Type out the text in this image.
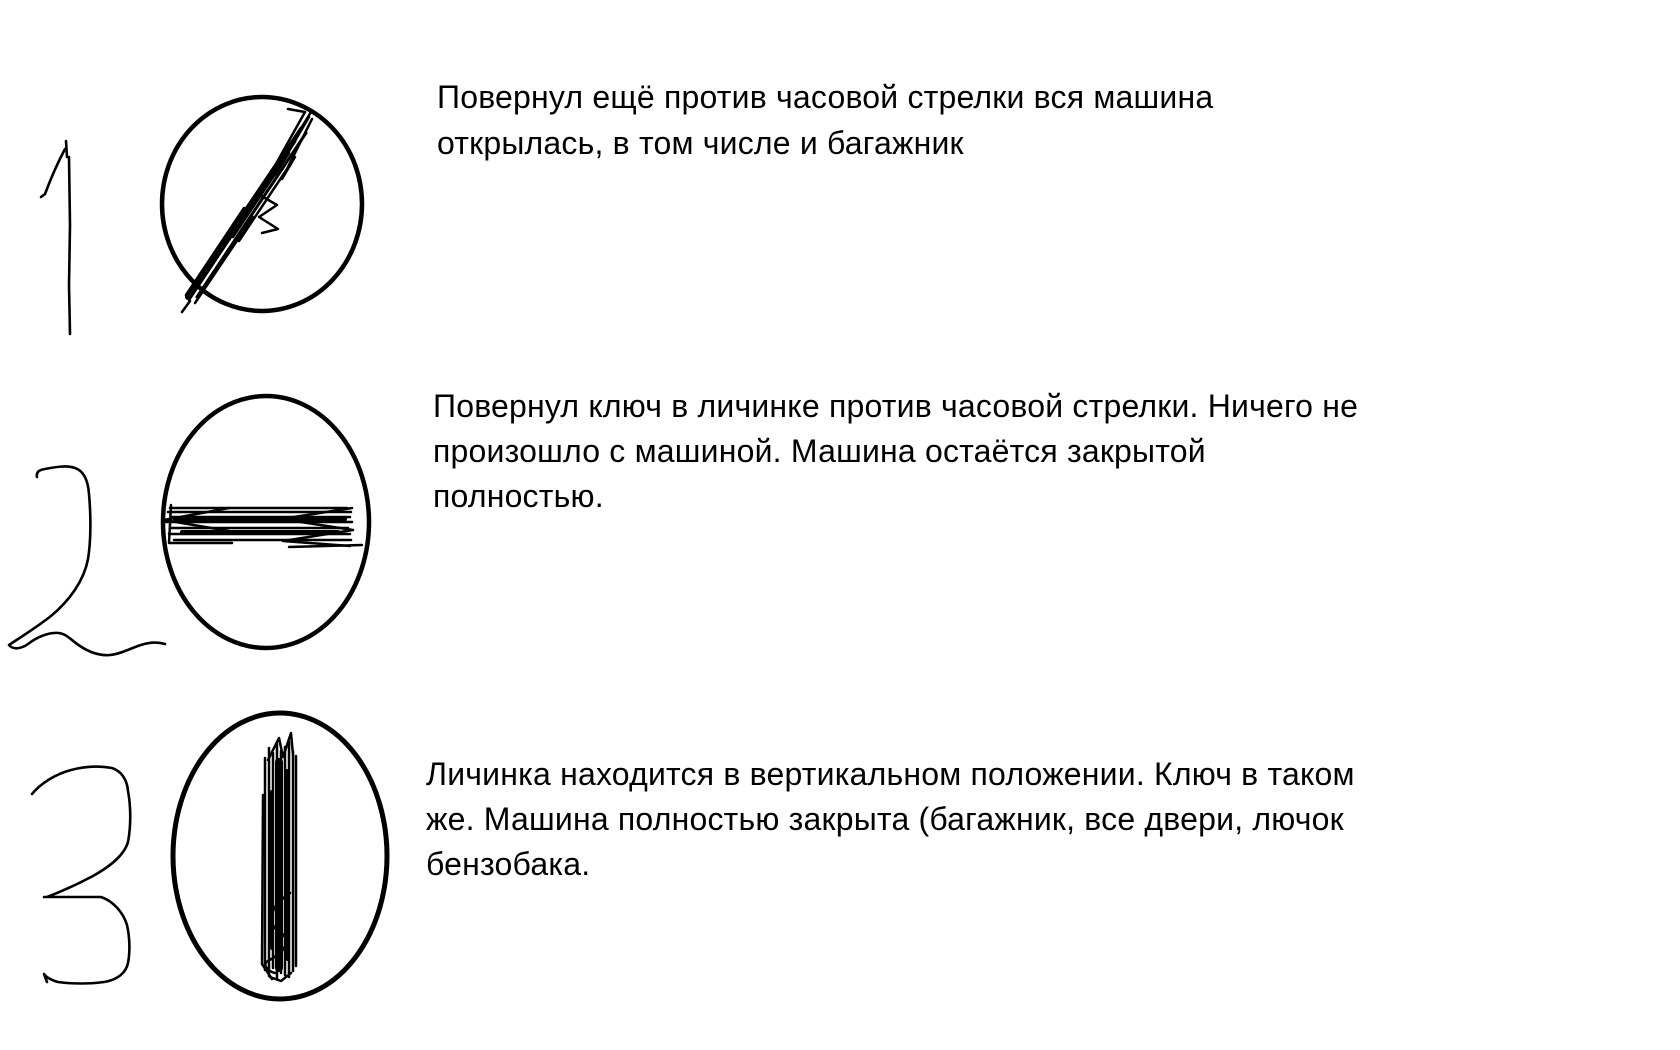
Повернул ещё против часовой стрелки вся машина
открылась, в том числе и багажник
Повернул ключ в личинке против часовой стрелки. Ничего не
произошло с машиной. Машина остаётся закрытой
полностью.
Личинка находится в вертикальном положении. Ключ в таком
же. Машина полностью закрыта (багажник, все двери, лючок
бензобака.
